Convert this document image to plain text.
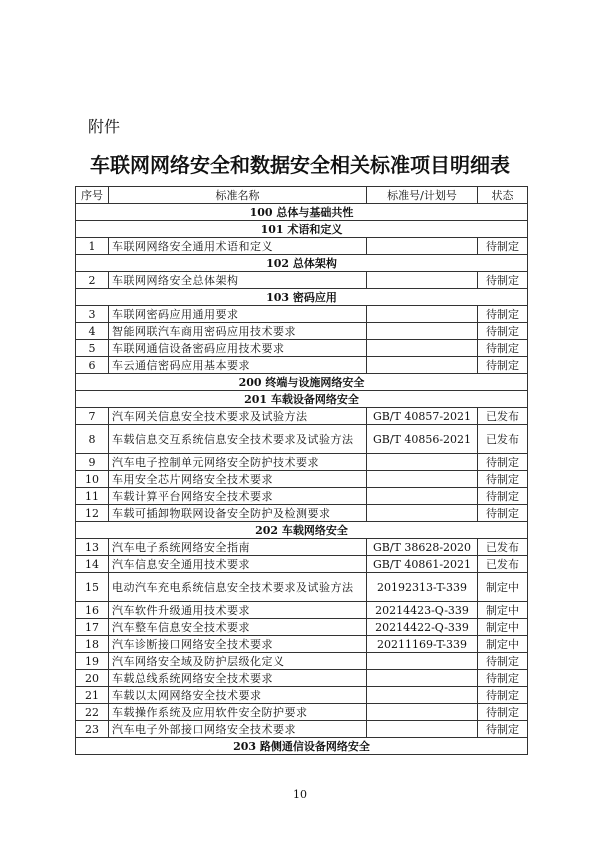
附件
车联网网络安全和数据安全相关标准项目明细表
序号	标准名称	标准号/计划号	状态
100 总体与基础共性			
101 术语和定义			
1	车联网网络安全通用术语和定义		待制定
102 总体架构			
2	车联网网络安全总体架构		待制定
103 密码应用			
3	车联网密码应用通用要求		待制定
4	智能网联汽车商用密码应用技术要求		待制定
5	车联网通信设备密码应用技术要求		待制定
6	车云通信密码应用基本要求		待制定
200 终端与设施网络安全			
201 车载设备网络安全			
7	汽车网关信息安全技术要求及试验方法	GB/T 40857-2021	已发布
8	车载信息交互系统信息安全技术要求及试验方法	GB/T 40856-2021	已发布
9	汽车电子控制单元网络安全防护技术要求		待制定
10	车用安全芯片网络安全技术要求		待制定
11	车载计算平台网络安全技术要求		待制定
12	车载可插卸物联网设备安全防护及检测要求		待制定
202 车载网络安全			
13	汽车电子系统网络安全指南	GB/T 38628-2020	已发布
14	汽车信息安全通用技术要求	GB/T 40861-2021	已发布
15	电动汽车充电系统信息安全技术要求及试验方法	20192313-T-339	制定中
16	汽车软件升级通用技术要求	20214423-Q-339	制定中
17	汽车整车信息安全技术要求	20214422-Q-339	制定中
18	汽车诊断接口网络安全技术要求	20211169-T-339	制定中
19	汽车网络安全域及防护层级化定义		待制定
20	车载总线系统网络安全技术要求		待制定
21	车载以太网网络安全技术要求		待制定
22	车载操作系统及应用软件安全防护要求		待制定
23	汽车电子外部接口网络安全技术要求		待制定
203 路侧通信设备网络安全			
10
